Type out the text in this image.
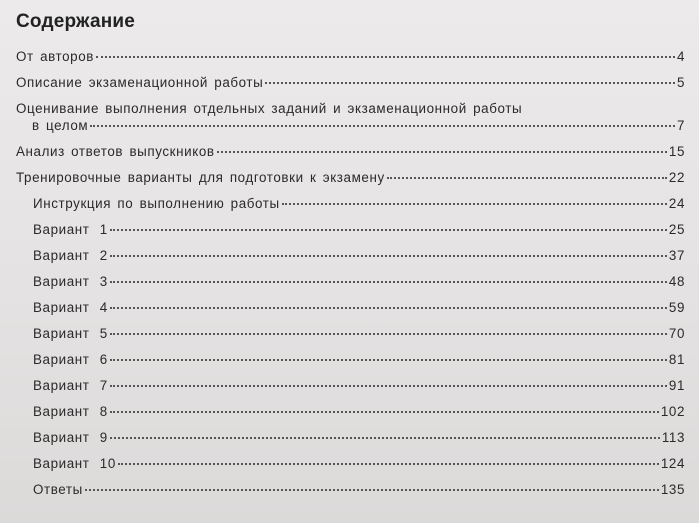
Содержание
От авторов	4
Описание экзаменационной работы	5
Оценивание выполнения отдельных заданий и экзаменационной работы
в целом	7
Анализ ответов выпускников	15
Тренировочные варианты для подготовки к экзамену	22
Инструкция по выполнению работы	24
Вариант 1	25
Вариант 2	37
Вариант 3	48
Вариант 4	59
Вариант 5	70
Вариант 6	81
Вариант 7	91
Вариант 8	102
Вариант 9	113
Вариант 10	124
Ответы	135
